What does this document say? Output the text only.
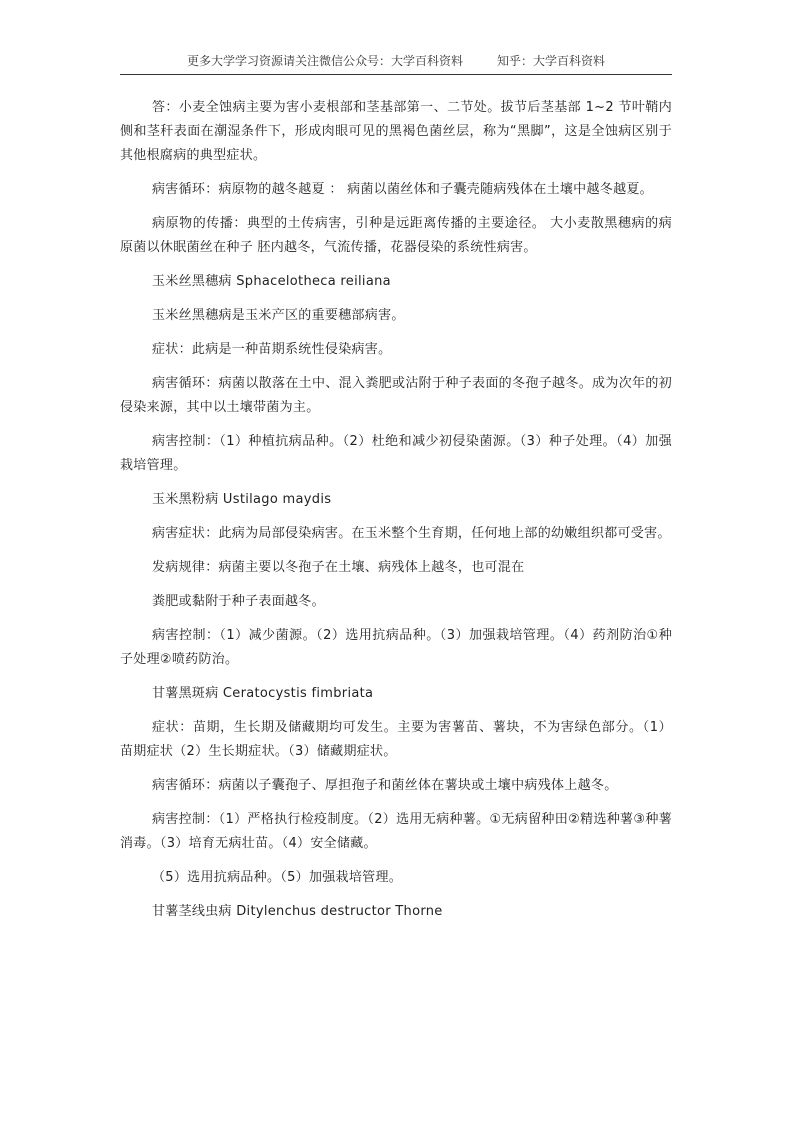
更多大学学习资源请关注微信公众号：大学百科资料	知乎：大学百科资料

答：小麦全蚀病主要为害小麦根部和茎基部第一、二节处。拔节后茎基部 1~2 节叶鞘内侧和茎秆表面在潮湿条件下，形成肉眼可见的黑褐色菌丝层，称为“黑脚”，这是全蚀病区别于其他根腐病的典型症状。

病害循环：病原物的越冬越夏 ： 病菌以菌丝体和子囊壳随病残体在土壤中越冬越夏。

病原物的传播：典型的土传病害，引种是远距离传播的主要途径。 大小麦散黑穗病的病原菌以休眠菌丝在种子 胚内越冬，气流传播，花器侵染的系统性病害。

玉米丝黑穗病 Sphacelotheca reiliana

玉米丝黑穗病是玉米产区的重要穗部病害。

症状：此病是一种苗期系统性侵染病害。

病害循环：病菌以散落在土中、混入粪肥或沾附于种子表面的冬孢子越冬。成为次年的初侵染来源，其中以土壤带菌为主。

病害控制：（1）种植抗病品种。（2）杜绝和减少初侵染菌源。（3）种子处理。（4）加强栽培管理。

玉米黑粉病 Ustilago maydis

病害症状：此病为局部侵染病害。在玉米整个生育期，任何地上部的幼嫩组织都可受害。

发病规律：病菌主要以冬孢子在土壤、病残体上越冬，也可混在

粪肥或黏附于种子表面越冬。

病害控制：（1）减少菌源。（2）选用抗病品种。（3）加强栽培管理。（4）药剂防治①种子处理②喷药防治。

甘薯黑斑病 Ceratocystis fimbriata

症状：苗期，生长期及储藏期均可发生。主要为害薯苗、薯块，不为害绿色部分。（1）苗期症状（2）生长期症状。（3）储藏期症状。

病害循环：病菌以子囊孢子、厚担孢子和菌丝体在薯块或土壤中病残体上越冬。

病害控制：（1）严格执行检疫制度。（2）选用无病种薯。①无病留种田②精选种薯③种薯消毒。（3）培育无病壮苗。（4）安全储藏。

（5）选用抗病品种。（5）加强栽培管理。

甘薯茎线虫病 Ditylenchus destructor Thorne
